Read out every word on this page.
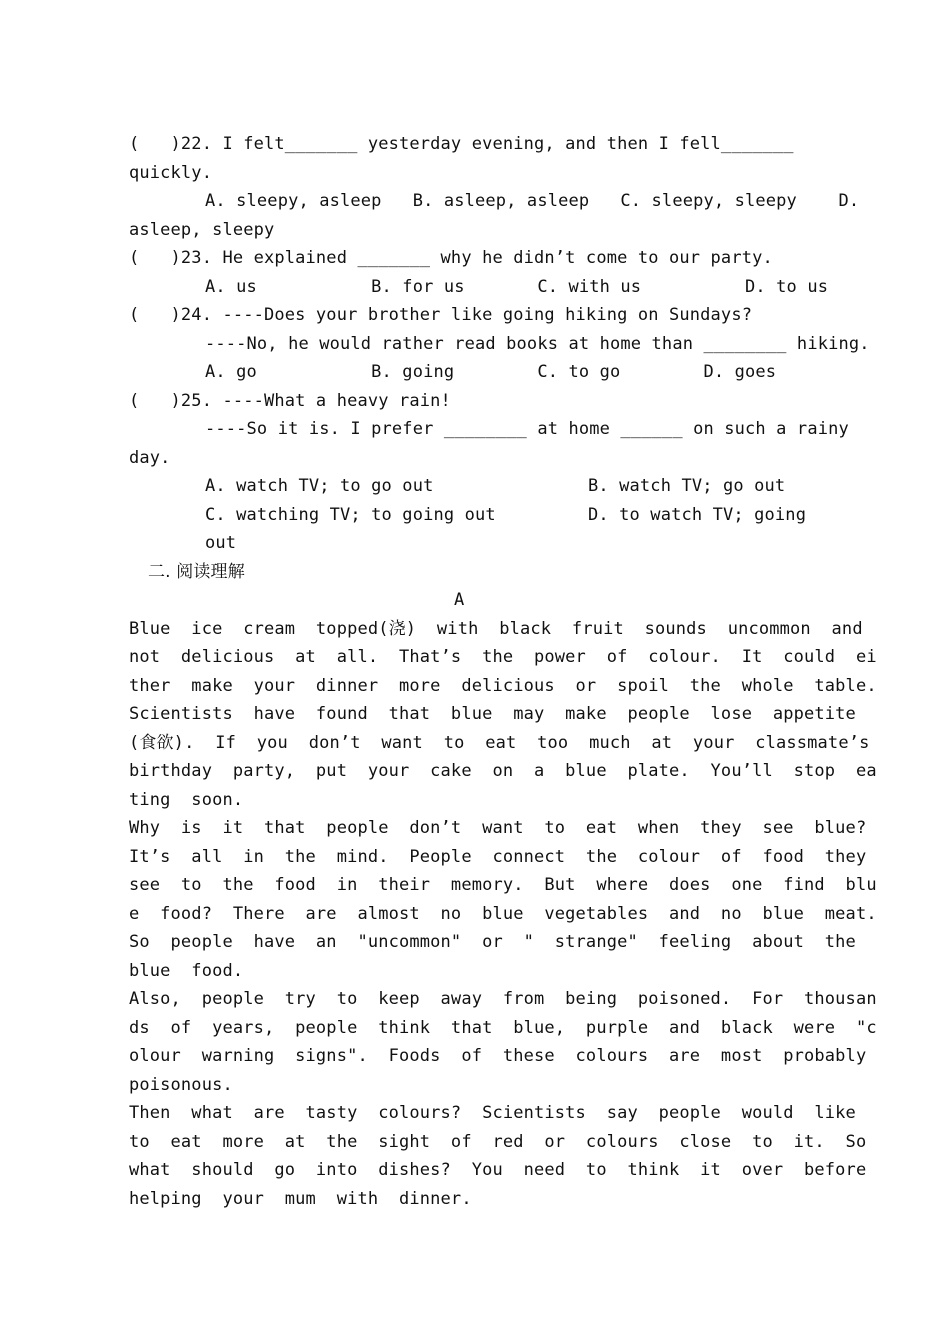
(   )22. I felt_______ yesterday evening, and then I fell_______
quickly.
A. sleepy, asleep   B. asleep, asleep   C. sleepy, sleepy    D.
asleep, sleepy
(   )23. He explained _______ why he didn’t come to our party.
A. us           B. for us       C. with us          D. to us
(   )24. ----Does your brother like going hiking on Sundays?
----No, he would rather read books at home than ________ hiking.
A. go           B. going        C. to go        D. goes
(   )25. ----What a heavy rain!
----So it is. I prefer ________ at home ______ on such a rainy
day.
A. watch TV; to go out	B. watch TV; go out
C. watching TV; to going out	D. to watch TV; going
out
二. 阅读理解
A
Blue  ice  cream  topped(浇)  with  black  fruit  sounds  uncommon  and
not  delicious  at  all.  That’s  the  power  of  colour.  It  could  ei
ther  make  your  dinner  more  delicious  or  spoil  the  whole  table.
Scientists  have  found  that  blue  may  make  people  lose  appetite
(食欲).  If  you  don’t  want  to  eat  too  much  at  your  classmate’s
birthday  party,  put  your  cake  on  a  blue  plate.  You’ll  stop  ea
ting  soon.
Why  is  it  that  people  don’t  want  to  eat  when  they  see  blue?
It’s  all  in  the  mind.  People  connect  the  colour  of  food  they
see  to  the  food  in  their  memory.  But  where  does  one  find  blu
e  food?  There  are  almost  no  blue  vegetables  and  no  blue  meat.
So  people  have  an  "uncommon"  or  "  strange"  feeling  about  the
blue  food.
Also,  people  try  to  keep  away  from  being  poisoned.  For  thousan
ds  of  years,  people  think  that  blue,  purple  and  black  were  "c
olour  warning  signs".  Foods  of  these  colours  are  most  probably
poisonous.
Then  what  are  tasty  colours?  Scientists  say  people  would  like
to  eat  more  at  the  sight  of  red  or  colours  close  to  it.  So
what  should  go  into  dishes?  You  need  to  think  it  over  before
helping  your  mum  with  dinner.
